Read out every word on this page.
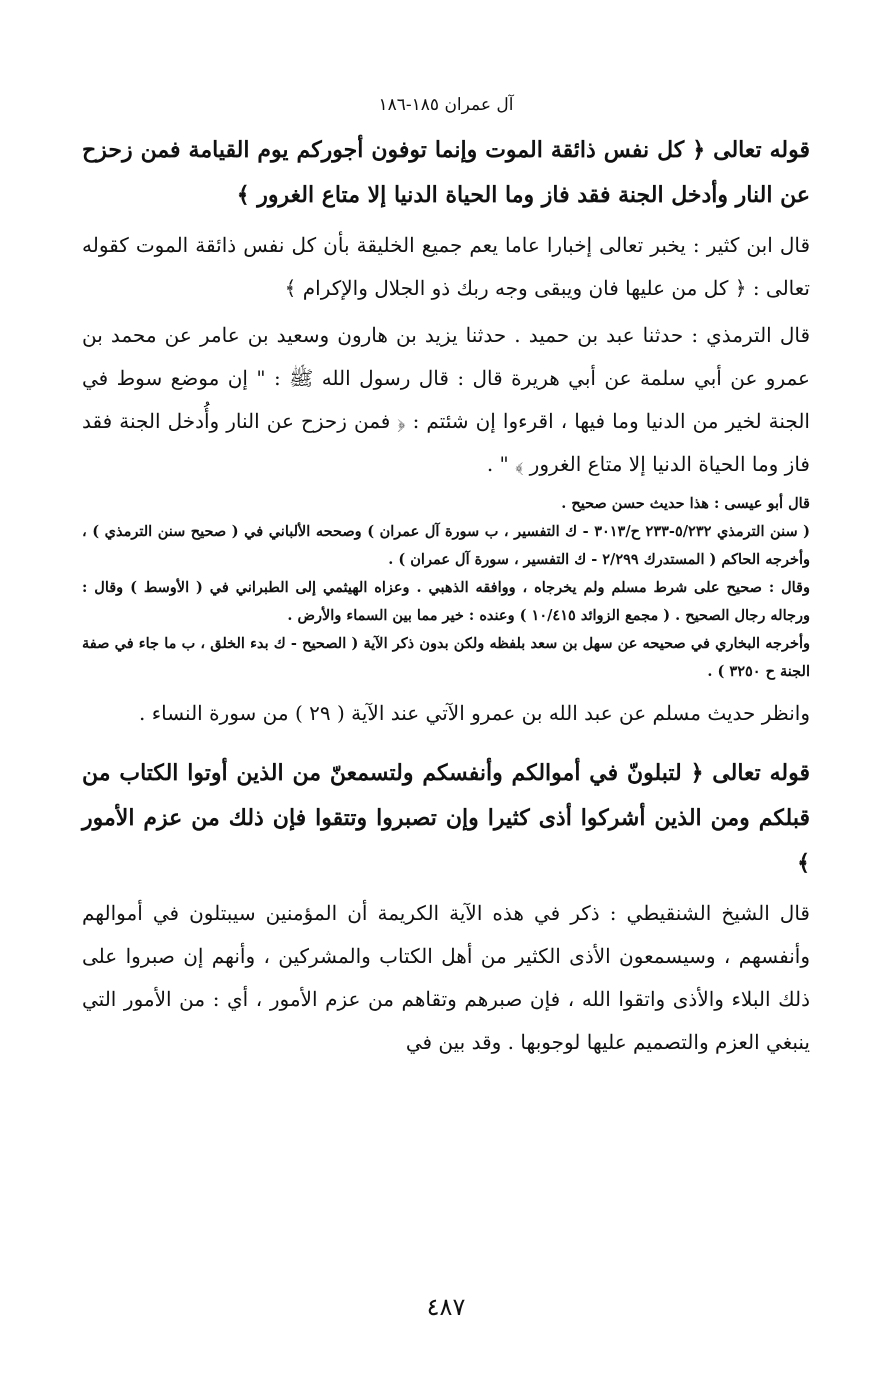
آل عمران ١٨٥-١٨٦

قوله تعالى ﴿ كل نفس ذائقة الموت وإنما توفون أجوركم يوم القيامة فمن زحزح عن النار وأدخل الجنة فقد فاز وما الحياة الدنيا إلا متاع الغرور ﴾

قال ابن كثير : يخبر تعالى إخبارا عاما يعم جميع الخليقة بأن كل نفس ذائقة الموت كقوله تعالى : ﴿ كل من عليها فان ويبقى وجه ربك ذو الجلال والإكرام ﴾

قال الترمذي : حدثنا عبد بن حميد . حدثنا يزيد بن هارون وسعيد بن عامر عن محمد بن عمرو عن أبي سلمة عن أبي هريرة قال : قال رسول الله ﷺ : " إن موضع سوط في الجنة لخير من الدنيا وما فيها ، اقرءوا إن شئتم : ﴿ فمن زحزح عن النار وأُدخل الجنة فقد فاز وما الحياة الدنيا إلا متاع الغرور ﴾ " .

قال أبو عيسى : هذا حديث حسن صحيح .

( سنن الترمذي ٥/٢٣٢-٢٣٣ ح/٣٠١٣ - ك التفسير ، ب سورة آل عمران ) وصححه الألباني في ( صحيح سنن الترمذي ) ، وأخرجه الحاكم ( المستدرك ٢/٢٩٩ - ك التفسير ، سورة آل عمران ) .

وقال : صحيح على شرط مسلم ولم يخرجاه ، ووافقه الذهبي . وعزاه الهيثمي إلى الطبراني في ( الأوسط ) وقال : ورجاله رجال الصحيح . ( مجمع الزوائد ١٠/٤١٥ ) وعنده : خير مما بين السماء والأرض .

وأخرجه البخاري في صحيحه عن سهل بن سعد بلفظه ولكن بدون ذكر الآية ( الصحيح - ك بدء الخلق ، ب ما جاء في صفة الجنة ح ٣٢٥٠ ) .

وانظر حديث مسلم عن عبد الله بن عمرو الآتي عند الآية ( ٢٩ ) من سورة النساء .

قوله تعالى ﴿ لتبلونّ في أموالكم وأنفسكم ولتسمعنّ من الذين أوتوا الكتاب من قبلكم ومن الذين أشركوا أذى كثيرا وإن تصبروا وتتقوا فإن ذلك من عزم الأمور ﴾

قال الشيخ الشنقيطي : ذكر في هذه الآية الكريمة أن المؤمنين سيبتلون في أموالهم وأنفسهم ، وسيسمعون الأذى الكثير من أهل الكتاب والمشركين ، وأنهم إن صبروا على ذلك البلاء والأذى واتقوا الله ، فإن صبرهم وتقاهم من عزم الأمور ، أي : من الأمور التي ينبغي العزم والتصميم عليها لوجوبها . وقد بين في

٤٨٧
